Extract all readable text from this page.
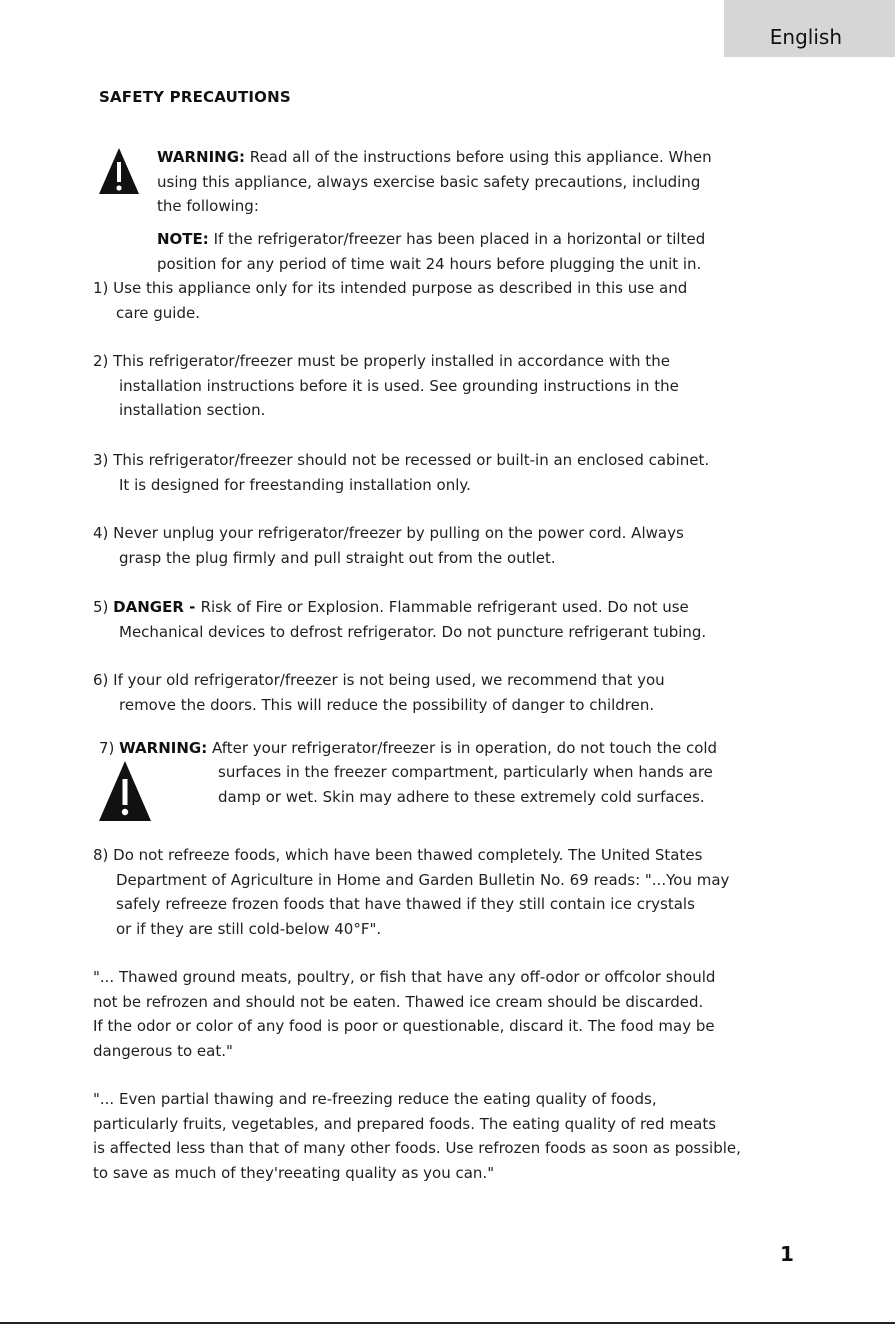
English
SAFETY PRECAUTIONS
WARNING: Read all of the instructions before using this appliance. When
using this appliance, always exercise basic safety precautions, including
the following:
NOTE: If the refrigerator/freezer has been placed in a horizontal or tilted
position for any period of time wait 24 hours before plugging the unit in.
1) Use this appliance only for its intended purpose as described in this use and
care guide.
2) This refrigerator/freezer must be properly installed in accordance with the
installation instructions before it is used. See grounding instructions in the
installation section.
3) This refrigerator/freezer should not be recessed or built-in an enclosed cabinet.
It is designed for freestanding installation only.
4) Never unplug your refrigerator/freezer by pulling on the power cord. Always
grasp the plug firmly and pull straight out from the outlet.
5) DANGER - Risk of Fire or Explosion. Flammable refrigerant used. Do not use
Mechanical devices to defrost refrigerator. Do not puncture refrigerant tubing.
6) If your old refrigerator/freezer is not being used, we recommend that you
remove the doors. This will reduce the possibility of danger to children.
7) WARNING: After your refrigerator/freezer is in operation, do not touch the cold
surfaces in the freezer compartment, particularly when hands are
damp or wet. Skin may adhere to these extremely cold surfaces.
8) Do not refreeze foods, which have been thawed completely. The United States
Department of Agriculture in Home and Garden Bulletin No. 69 reads: "...You may
safely refreeze frozen foods that have thawed if they still contain ice crystals
or if they are still cold-below 40°F".
"... Thawed ground meats, poultry, or fish that have any off-odor or offcolor should
not be refrozen and should not be eaten. Thawed ice cream should be discarded.
If the odor or color of any food is poor or questionable, discard it. The food may be
dangerous to eat."
"... Even partial thawing and re-freezing reduce the eating quality of foods,
particularly fruits, vegetables, and prepared foods. The eating quality of red meats
is affected less than that of many other foods. Use refrozen foods as soon as possible,
to save as much of they'reeating quality as you can."
1
